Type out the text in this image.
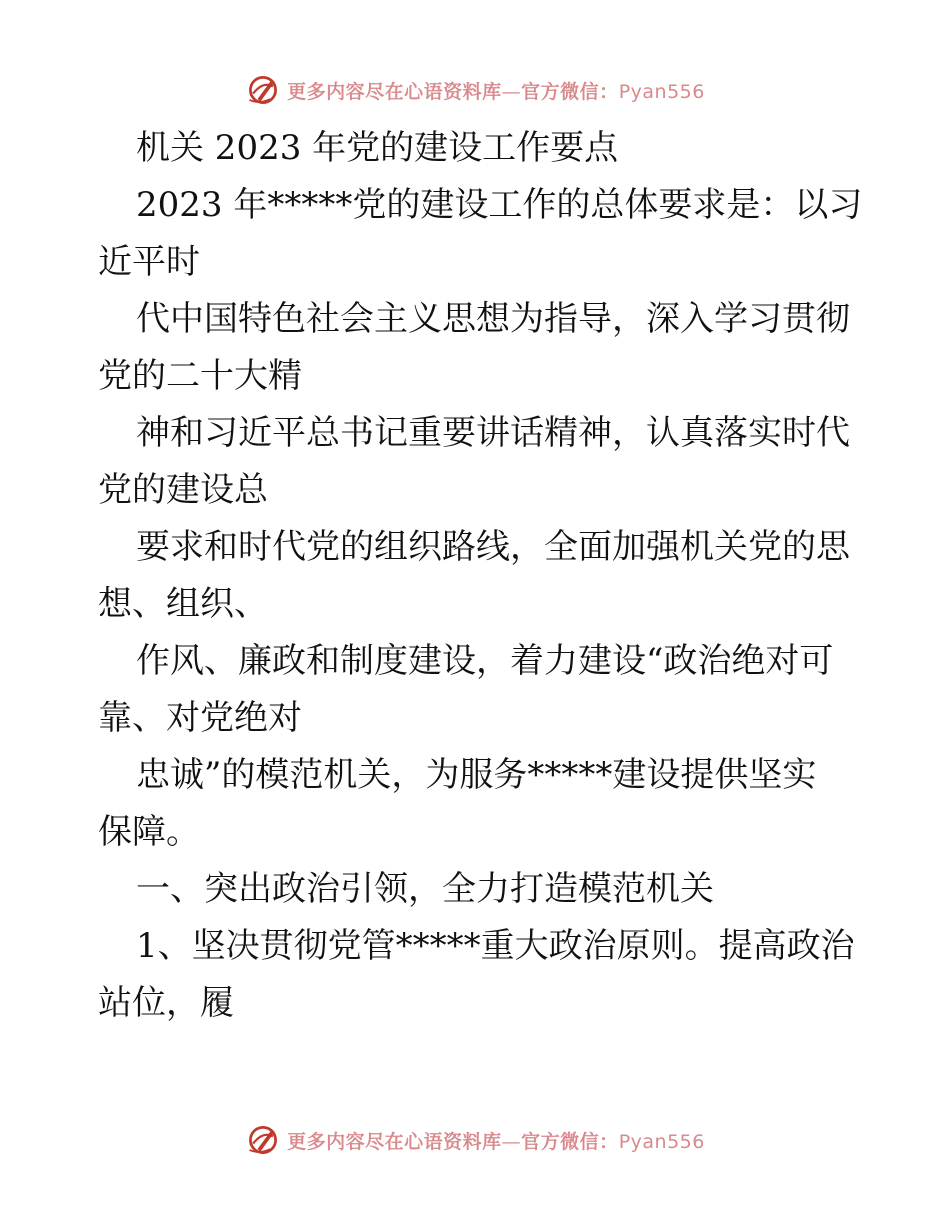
更多内容尽在心语资料库—官方微信：Pyan556
机关 2023 年党的建设工作要点
2023 年*****党的建设工作的总体要求是：以习
近平时
代中国特色社会主义思想为指导，深入学习贯彻
党的二十大精
神和习近平总书记重要讲话精神，认真落实时代
党的建设总
要求和时代党的组织路线，全面加强机关党的思
想、组织、
作风、廉政和制度建设，着力建设“政治绝对可
靠、对党绝对
忠诚”的模范机关，为服务*****建设提供坚实
保障。
一、突出政治引领，全力打造模范机关
1、坚决贯彻党管*****重大政治原则。提高政治
站位，履
更多内容尽在心语资料库—官方微信：Pyan556
